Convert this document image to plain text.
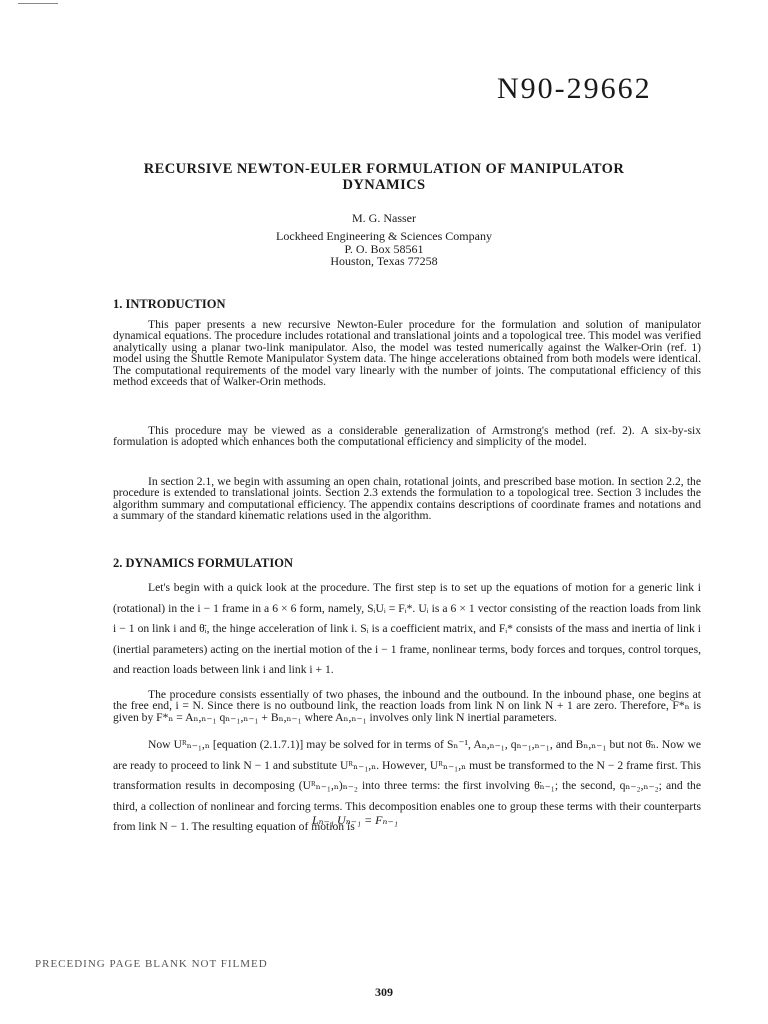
N90-29662
RECURSIVE NEWTON-EULER FORMULATION OF MANIPULATOR
DYNAMICS
M. G. Nasser
Lockheed Engineering & Sciences Company
P. O. Box 58561
Houston, Texas 77258
1. INTRODUCTION

This paper presents a new recursive Newton-Euler procedure for the formulation and solution of manipulator dynamical equations. The procedure includes rotational and translational joints and a topological tree. This model was verified analytically using a planar two-link manipulator. Also, the model was tested numerically against the Walker-Orin (ref. 1) model using the Shuttle Remote Manipulator System data. The hinge accelerations obtained from both models were identical. The computational requirements of the model vary linearly with the number of joints. The computational efficiency of this method exceeds that of Walker-Orin methods.

This procedure may be viewed as a considerable generalization of Armstrong's method (ref. 2). A six-by-six formulation is adopted which enhances both the computational efficiency and simplicity of the model.

In section 2.1, we begin with assuming an open chain, rotational joints, and prescribed base motion. In section 2.2, the procedure is extended to translational joints. Section 2.3 extends the formulation to a topological tree. Section 3 includes the algorithm summary and computational efficiency. The appendix contains descriptions of coordinate frames and notations and a summary of the standard kinematic relations used in the algorithm.

2. DYNAMICS FORMULATION

Let's begin with a quick look at the procedure. The first step is to set up the equations of motion for a generic link i (rotational) in the i − 1 frame in a 6 × 6 form, namely, SᵢUᵢ = Fᵢ*. Uᵢ is a 6 × 1 vector consisting of the reaction loads from link i − 1 on link i and θ̈ᵢ, the hinge acceleration of link i. Sᵢ is a coefficient matrix, and Fᵢ* consists of the mass and inertia of link i (inertial parameters) acting on the inertial motion of the i − 1 frame, nonlinear terms, body forces and torques, control torques, and reaction loads between link i and link i + 1.

The procedure consists essentially of two phases, the inbound and the outbound. In the inbound phase, one begins at the free end, i = N. Since there is no outbound link, the reaction loads from link N on link N + 1 are zero. Therefore, F*ₙ is given by F*ₙ = Aₙ,ₙ₋₁ qₙ₋₁,ₙ₋₁ + Bₙ,ₙ₋₁ where Aₙ,ₙ₋₁ involves only link N inertial parameters.

Now Uᴿₙ₋₁,ₙ [equation (2.1.7.1)] may be solved for in terms of Sₙ⁻¹, Aₙ,ₙ₋₁, qₙ₋₁,ₙ₋₁, and Bₙ,ₙ₋₁ but not θ̈ₙ. Now we are ready to proceed to link N − 1 and substitute Uᴿₙ₋₁,ₙ. However, Uᴿₙ₋₁,ₙ must be transformed to the N − 2 frame first. This transformation results in decomposing (Uᴿₙ₋₁,ₙ)ₙ₋₂ into three terms: the first involving θ̈ₙ₋₁; the second, qₙ₋₂,ₙ₋₂; and the third, a collection of nonlinear and forcing terms. This decomposition enables one to group these terms with their counterparts from link N − 1. The resulting equation of motion is

Lₙ₋₁ Uₙ₋₁ = Fₙ₋₁
PRECEDING PAGE BLANK NOT FILMED
309
